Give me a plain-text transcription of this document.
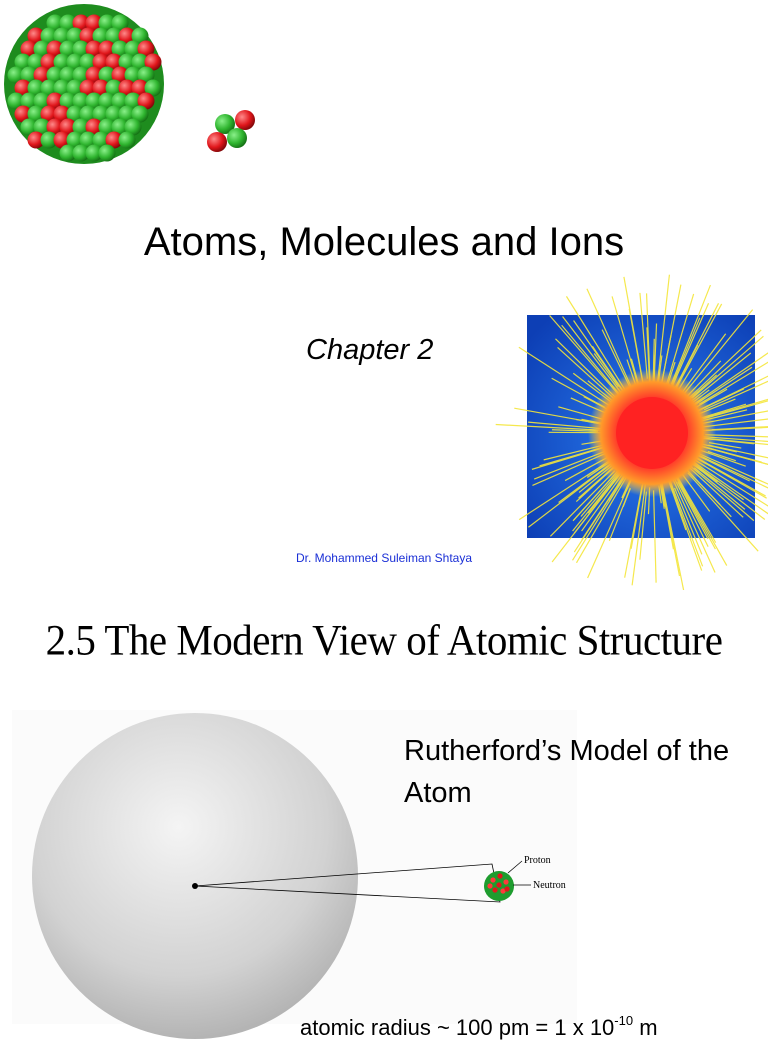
Atoms, Molecules and Ions

Chapter 2

Dr. Mohammed Suleiman Shtaya
2.5 The Modern View of Atomic Structure
Proton
Neutron

Rutherford’s Model of the Atom

atomic radius ~ 100 pm = 1 x $10^{-10}$ m
